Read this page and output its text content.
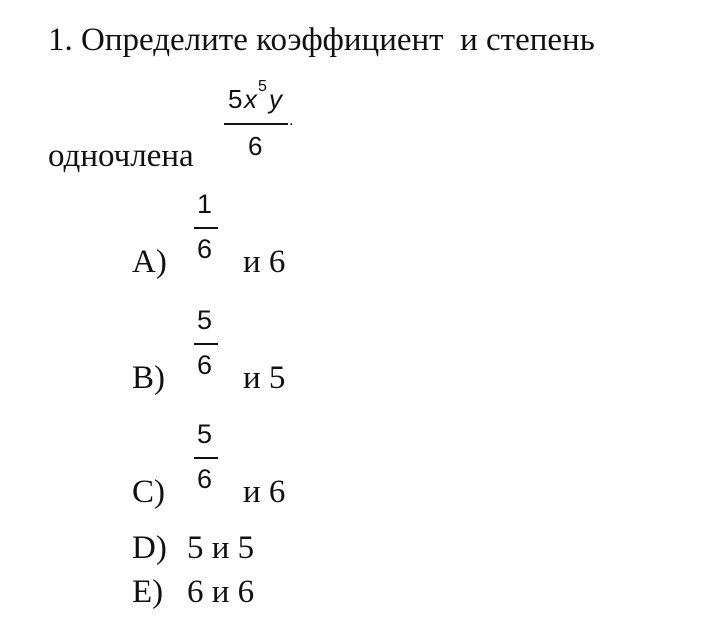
1. Определите коэффициент  и степень
одночлена
5 x 5 y
6
.
A)
1
6 и 6
B)
5
6 и 5
C)
5
6 и 6
D) 5 и 5
E) 6 и 6
